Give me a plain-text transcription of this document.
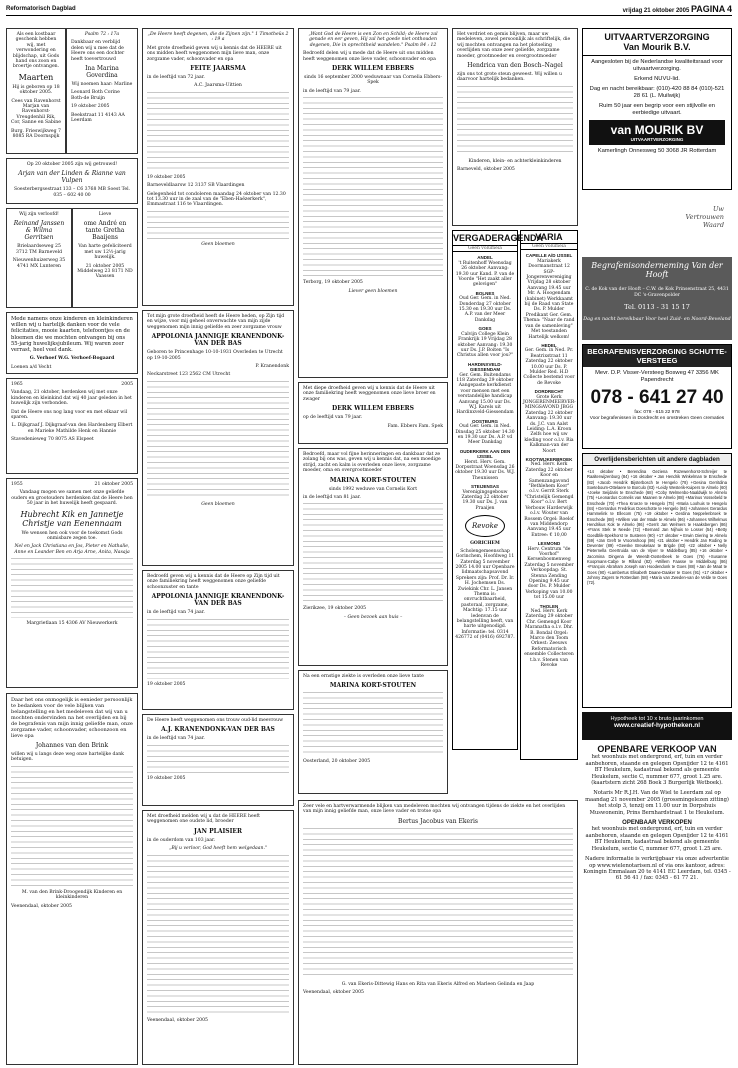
Reformatorisch Dagblad	vrijdag 21 oktober 2005 PAGINA 4

Als een kostbaar geschenk hebben wij, met verwondering en blijdschap, uit Gods hand ons zoon en broertje ontvangen.

Maarten

Hij is geboren op 18 oktober 2005.

Cees van Ravenhorst Marjan van Ravenhorst-Vreugdenhil Rik, Cor, Sanne en Sabine

Burg. Frieswijkweg 7 8085 RA Doornspijk

Psalm 72 : 17a

Dankbaar en verblijd delen wij u mee dat de Heere ons een dochter heeft toevertrouwd

Ina Marina Goverdina

Wij noemen haar: Marline

Leonard Both Corine Both-de Bruijn

19 oktober 2005

Beekstraat 11 4143 AA Leerdam

Op 20 oktober 2005 zijn wij getrouwd!

Arjan van der Linden & Rianne van Vulpen

Soesterbergsestraat 133 – C6 3768 MB Soest Tel. 035 – 602 40 00

Wij zijn verloofd!

Reinand Janssen & Wilma Gerritsen

Brielaardseweg 25 3712 TM Barneveld

Nieuwenhuizerweg 35 4741 MX Lunteren

Lieve

ome André en tante Gretha Baaijens

Van harte gefeliciteerd met uw 12½-jarig huwelijk.

21 oktober 2005 Middelweg 23 8171 ND Vaassen

Mede namens onze kinderen en kleinkinderen willen wij u hartelijk danken voor de vele felicitaties, mooie kaarten, telefoontjes en de bloemen die we mochten ontvangen bij ons 55-jarig huwelijksjubileum. Wij waren zeer verrast, heel veel dank.

G. Verhoef W.G. Verhoef-Bogaard

Loenen a/d Vecht

1965	2005

Vandaag, 21 oktober, herdenken wij met onze kinderen en kleinkind dat wij 40 jaar geleden in het huwelijk zijn verbonden.

Dat de Heere ons nog lang voor en met elkaar wil sparen.

L. Dijkgraaf J. Dijkgraaf-van den Hardenberg Elbert en Marieke Mathilde Henk en Hannie

Stavedenieweg 70 8075 AS Elspeet

1955	21 oktober 2005

Vandaag mogen we samen met onze geliefde ouders en grootouders herdenken dat de Heere hen 50 jaar in het huwelijk heeft gespaard.

Hubrecht Kik en Jannetje Christje van Eenennaam

We wensen hen ook voor de toekomst Gods onmisbare zegen toe.

Nel en Jack Christiana en Jos, Pieter en Nathalie, Anne en Leander Ben en Arja Arne, Anita, Nasaja

Margrietlaan 15 4306 AV Nieuwerkerk

Daar het ons onmogelijk is eenieder persoonlijk te bedanken voor de vele blijken van belangstelling en het medeleven dat wij van u mochten ondervinden na het overlijden en bij de begrafenis van mijn innig geliefde man, onze zorgzame vader, schoonvader, schoonzoon en lieve opa

Johannes van den Brink

willen wij u langs deze weg onze hartelijke dank betuigen.

M. van den Brink-Droogendijk Kinderen en kleinkinderen

Veenendaal, oktober 2005

„De Heere heeft degenen, die de Zijnen zijn." 1 Timotheüs 2 : 19 a

Met grote droefheid geven wij u kennis dat de HEERE uit ons midden heeft weggenomen mijn lieve man, onze zorgzame vader, schoonvader en opa

FEITE JAARSMA

in de leeftijd van 72 jaar.

A.C. Jaarsma-Uittien

19 oktober 2005

Barneveldlaarsw 12 3137 SB Vlaardingen

Gelegenheid tot condoleren maandag 24 oktober van 12.30 tot 13.30 uur in de zaal van de "Eben-Haëzerkerk", Emmastraat 116 te Vlaardingen.

Geen bloemen

Tot mijn grote droefheid heeft de Heere heden, op Zijn tijd en wijze, voor mij geheel onverwachte van mijn zijde weggenomen mijn innig geliefde en zeer zorgzame vrouw

APPOLONIA JANNIGJE KRANENDONK-VAN DER BAS

Geboren te Princenhage 10-10-1931 Overleden te Utrecht op 19-10-2005

P. Kranendonk

Neckarstreet 123 2562 CM Utrecht

Geen bloemen

Bedroefd geven wij u kennis dat de Heere op Zijn tijd uit onze familiekring heeft weggenomen onze geliefde schoonzuster en tante

APPOLONIA JANNIGJE KRANENDONK-VAN DER BAS

in de leeftijd van 74 jaar.

19 oktober 2005

De Heere heeft weggenomen ons trouw oud-lid meevrouw

A.J. KRANENDONK-VAN DER BAS

in de leeftijd van 74 jaar.

19 oktober 2005

Met droefheid melden wij u dat de HEERE heeft weggenomen one oudste lid, broeder

JAN PLAISIER

in de ouderdom van 103 jaar.

„Bij u verloor, God heeft hem welgedaan."

Veenendaal, oktober 2005

„Want God de Heere is een Zon en Schild; de Heere zal genade en eer geven, Hij zal het goede niet onthouden degenen, Die in oprechtheid wandelen." Psalm 84 : 12

Bedroefd delen wij u mede dat de Heere uit ons midden heeft weggenomen onze lieve vader, schoonvader en opa

DERK WILLEM EBBERS

sinds 16 september 2000 weduwnaar van Cornelia Ebbers-Spek

in de leeftijd van 79 jaar.

Terborg, 19 oktober 2005

Liever geen bloemen

Met diepe droefheid geven wij u kennis dat de Heere uit onze familiekring heeft weggenomen onze lieve broer en zwager

DERK WILLEM EBBERS

op de leeftijd van 79 jaar.

Fam. Ebbers Fam. Spek

Bedroefd, maar vol fijne herinneringen en dankbaar dat ze zolang bij ons was, geven wij u kennis dat, na een moedige strijd, zacht en kalm is overleden onze lieve, zorgzame moeder, oma en overgrootmoeder

MARINA KORT-STOUTEN

sinds 1992 weduwe van Cornelis Kort

in de leeftijd van 81 jaar.

Zierikzee, 19 oktober 2005

– Geen bezoek aan huis –

Na een ernstige ziekte is overleden onze lieve tante

MARINA KORT-STOUTEN

Oosterland, 20 oktober 2005

Zeer vele en hartverwarmende blijken van medeleven mochten wij ontvangen tijdens de ziekte en het overlijden van mijn innig geliefde man, onze lieve vader en trotse opa

Bertus Jacobus van Ekeris

G. van Ekeris-Dittewig Hans en Rita van Ekeris Alfred en Marleen Gelinda en Jaap

Veenendaal, oktober 2005

Het verdriet en gemis blijven, maar uw medeleven, zowel persoonlijk als schriftelijk, die wij mochten ontvangen na het plotseling overlijden van onze zeer geliefde, zorgzame moeder, grootmoeder en overgrootmoeder

Hendrica van den Bosch–Nagel

zijn ons tot grote steun geweest. Wij willen u daarvoor hartelijk bedanken.

Kinderen, klein- en achterkleinkinderen

Barneveld, oktober 2005

VERGADERAGENDA
Geen volumeia
ANDEL
't Ruitenhoff Woensdag 26 oktober Aanvang: 19.30 uur Kand. P. van de Voorde "Het zaakt aller gelovigen"
BOLNES
Oud Ger. Gem. in Ned. Donderdag 27 oktober 15.30 en 19.30 uur Ds. A.P. van der Meer Dankdag
GOES
Calvijn College Klein Frankrijk 19 Vrijdag 28 oktober Aanvang: 19.30 uur Ds. J.P. Boiten "Is Christus allen voor jou?"
HARDINXVELD-GIESSENDAM
Ger. Gem. Buitendams 118 Zaterdag 29 oktober Aangepaste kerkdienst voor mensen met een verstandelijke handicap Aanvang 15.00 uur Ds. W.J. Karels uit Hardinxveld-Giessendam
OOSTBURG
Oud Ger. Gem. in Ned. Dinsdag 25 oktober 14.30 en 19.30 uur Ds. A.P. vd Meer Dankdag
OUDERKERK AAN DEN IJSSEL
Herst. Herv. Gem. Dorpsstraat Woensdag 26 oktober 19.30 uur Ds. W.J. Theunissen
STEIJENSAS
Verenigingsgebouw Zaterdag 22 oktober 19.30 uur Ds. J. van Praaijen
Revoke
GORICHEM
Scholengemeenschap Gorinchem, Hoofdweg 11 Zaterdag 5 november 2005 14.00 uur Openbare lidmaatschapsavond Sprekers zijn: Prof. Dr. Ir. H. Jochemsen Ds. Zwiekink Chr. L. Jansen Thema is: onvruchtbaarheid, pastoraal, zorgzame, Machtig: 17.15 uur ledenvan de belangstelling heeft, van harte uitgenodigd. Informatie: tel. 0314 426772 of (0416) 692787.
VARIA
Geen volumeia
CAPELLE A/D IJSSEL
Mariakerk Doormanstraat 12 SGP-Jongerenvereniging Vrijdag 28 oktober Aanvang 19.45 uur Mr. A. Hoogendam (kabinet) Werkkaamt bij de Raad van State Ds. P. Mulder Predikant Ger. Gem. Thema: "Naar de rand van de samenleving" Met toestanden Hartelijk welkom!
HEDEL
Ger. Gem. in Ned. Pr. Beatrixstraat 11 Zaterdag 22 oktober 10.00 uur Ds. P. Mulder Red. H.D Collecte bestemd voor de Revoke
DORDRECHT
Grote Kerk JONGERENMEERVER-MINGSAVOND JBGG Zaterdag 22 oktober Aanvang: 19.30 uur ds. J.C. van Aalst Leiding: L.A. Kroon Zelfs hoe wij uw kleding voor o.l.v. Ria Kalkman-van der Noort
KOOTWIJKERBROEK
Ned. Herv. Kerk Zaterdag 22 oktober Koor en Samenzangavond "Bethlehem Koor" o.l.v. Gerrit Sterk "Christelijk Gemengd Koor" o.l.v. Bert Verbouw Harderwijk o.l.v. Wouter van Rossem Orgel: Roelof van Middendorp Aanvang 19.45 uur Entree: € 10,00
LEXMOND
Herv. Centrum "de Voorhof" Kersenboomenweg Zaterdag 5 november Verkoopdag: St. Stenna Zending Opening 9.45 uur door Ds. P. Mulder Verkoping van 10.00 tot 15.00 uur
THOLEN
Ned. Herv. Kerk Zaterdag 29 oktober Chr. Gemengd Koor Maranatha o.l.v. Dhr. B. Bondal Orgel: Marco den Toom Orkest: Zeeuws Reformatorisch ensemble Collecteren t.b.v. Stenen van Revoke
UITVAARTVERZORGING
Van Mourik B.V.
Aangesloten bij de Nederlandse kwaliteitsraad voor uitvaartverzorging.
Erkend NUVU-lid.
Dag en nacht bereikbaar: (010)-420 88 84 (010)-521 28 61 (L. Muilwijk)
Ruim 50 jaar een begrip voor een stijlvolle en eerbiedige uitvaart.
van MOURIK BV
UITVAARTVERZORGING
Kamerlingh Onnesweg 50 3068 JR Rotterdam
Uw Vertrouwen Waard
Begrafenisonderneming Van der Hooft
C. de Kok van der Hooft – C.W. de Kok Prinsenstraat 25, 4431 DC 's-Gravenpolder
Tel. 0113 - 31 15 17
Dag en nacht bereikbaar Voor heel Zuid- en Noord-Beveland
BEGRAFENISVERZORGING SCHUTTE-VERSTEEG
Mevr. D.P. Visser-Versteeg Bosweg 47 3356 MK Papendrecht
078 - 641 27 40
fax: 078 - 615 22 978
Voor begrafenissen in Dordrecht en omstreken Geen crematies
Overlijdensberichten uit andere dagbladen
+14 oktober • Berendina Geziena Rozewenhorst-Schreijer te Raalterwijzenburg (84) +16 oktober • Jan Hendrik Winkelman te Enschede (82) +Jacob Hendrik Bijsterbosch te Hengelo (78) +Gesina Gerritdina Soeteboum-Ottelaere te Borculo (83) +Leidy Westerik-Kuipers te Almelo (60) +Joeke Seijdaris te Enschede (68) +Coby Welmenbo-Naaldwijk te Almelo (75) +Leonardus Cornelis van Maanen te Almelo (88) +Marinus Vossebeld te Enschede (70) +Thea Kroeze te Hengelo (75) +Maria Loohuis te Hengelo (84) +Gerrardus Fredrikus Doeschotte te Hengelo (84) +Johannes Gerardus Hammelink te Ellecom (75) +19 oktober • Gerdina Neppelenbroek te Enschede (88) +Willem van der Made te Almelo (86) +Johannes Wilhelmus Hendrikus Kok te Almelo (86) +Gerrit Jan Welmers te Haaksbergen (86) +Frans Stek te Neede (72) +Bernard Jan Nijhuis te Losser (54) +Betty Goedblik-Spekhorst te Susteren (90) +17 oktober • Erwin Diering te Almelo (59) +Jan Greft te Vroomshoop (86) +21 oktober • Hendrik Jan Roding te Deventer (89) +Geeske Breukelaar te Brigde (83) +22 oktober • Nelly Pieternella Geertruida van de Vijver te Middelburg (85) +16 oktober • Jacomina Dingena de Weerdt-Oosterbeek te Goes (76) +Susanne Koopmans-Cabje te Rilland (82) +Willem Faasse te Middelburg (86) +François Abraham Joseph van Hoodendonk te Goes (88) +Jan de Maat te Goes (90) +Lambertus Elisabeth Daane-Daaker te Goes (91) +17 oktober • Johnny Zagers te Rotterdam (58) +Maria van Zweden-van de Velde te Goes (72).
Hypotheek tot 10 x bruto jaarinkomen
www.creatief-hypotheken.nl
OPENBARE VERKOOP VAN

het woonhuis met ondergrond, erf, tuin en verder aanbehoren, staande en gelegen Opsnijder 12 te 4161 BT Heukelum, kadastraal bekend als gemeente Heukelum, sectie C, nummer 677, groot 1.25 are. (kaartstern zicht 268 Boek 3 Burgerlijk Wetboek).

Notaris Mr R.J.H. Van de Wiel te Leerdam zal op maandag 21 november 2005 (grossmingelezen zitting) het stolp 3, tenzij om 11.00 uur in Dorpshuis Muswonenin, Prins Bernhardstraat 1 te Heukelum.

OPENBAAR VERKOPEN

het woonhuis met ondergrond, erf, tuin en verder aanbehoren, staande en gelegen Opsnijder 12 te 4161 BT Heukelum, kadastraal bekend als gemeente Heukelum, sectie C, nummer 677, groot 1.25 are.

Nadere informatie is verkrijgbaar via onze advertentie op www.wielenotarisen.nl of via ons kantoor, adres: Koningin Emmalaan 20 te 4141 EC Leerdam, tel. 0345 - 61 56 41 / fax: 0345 - 61 77 21.
